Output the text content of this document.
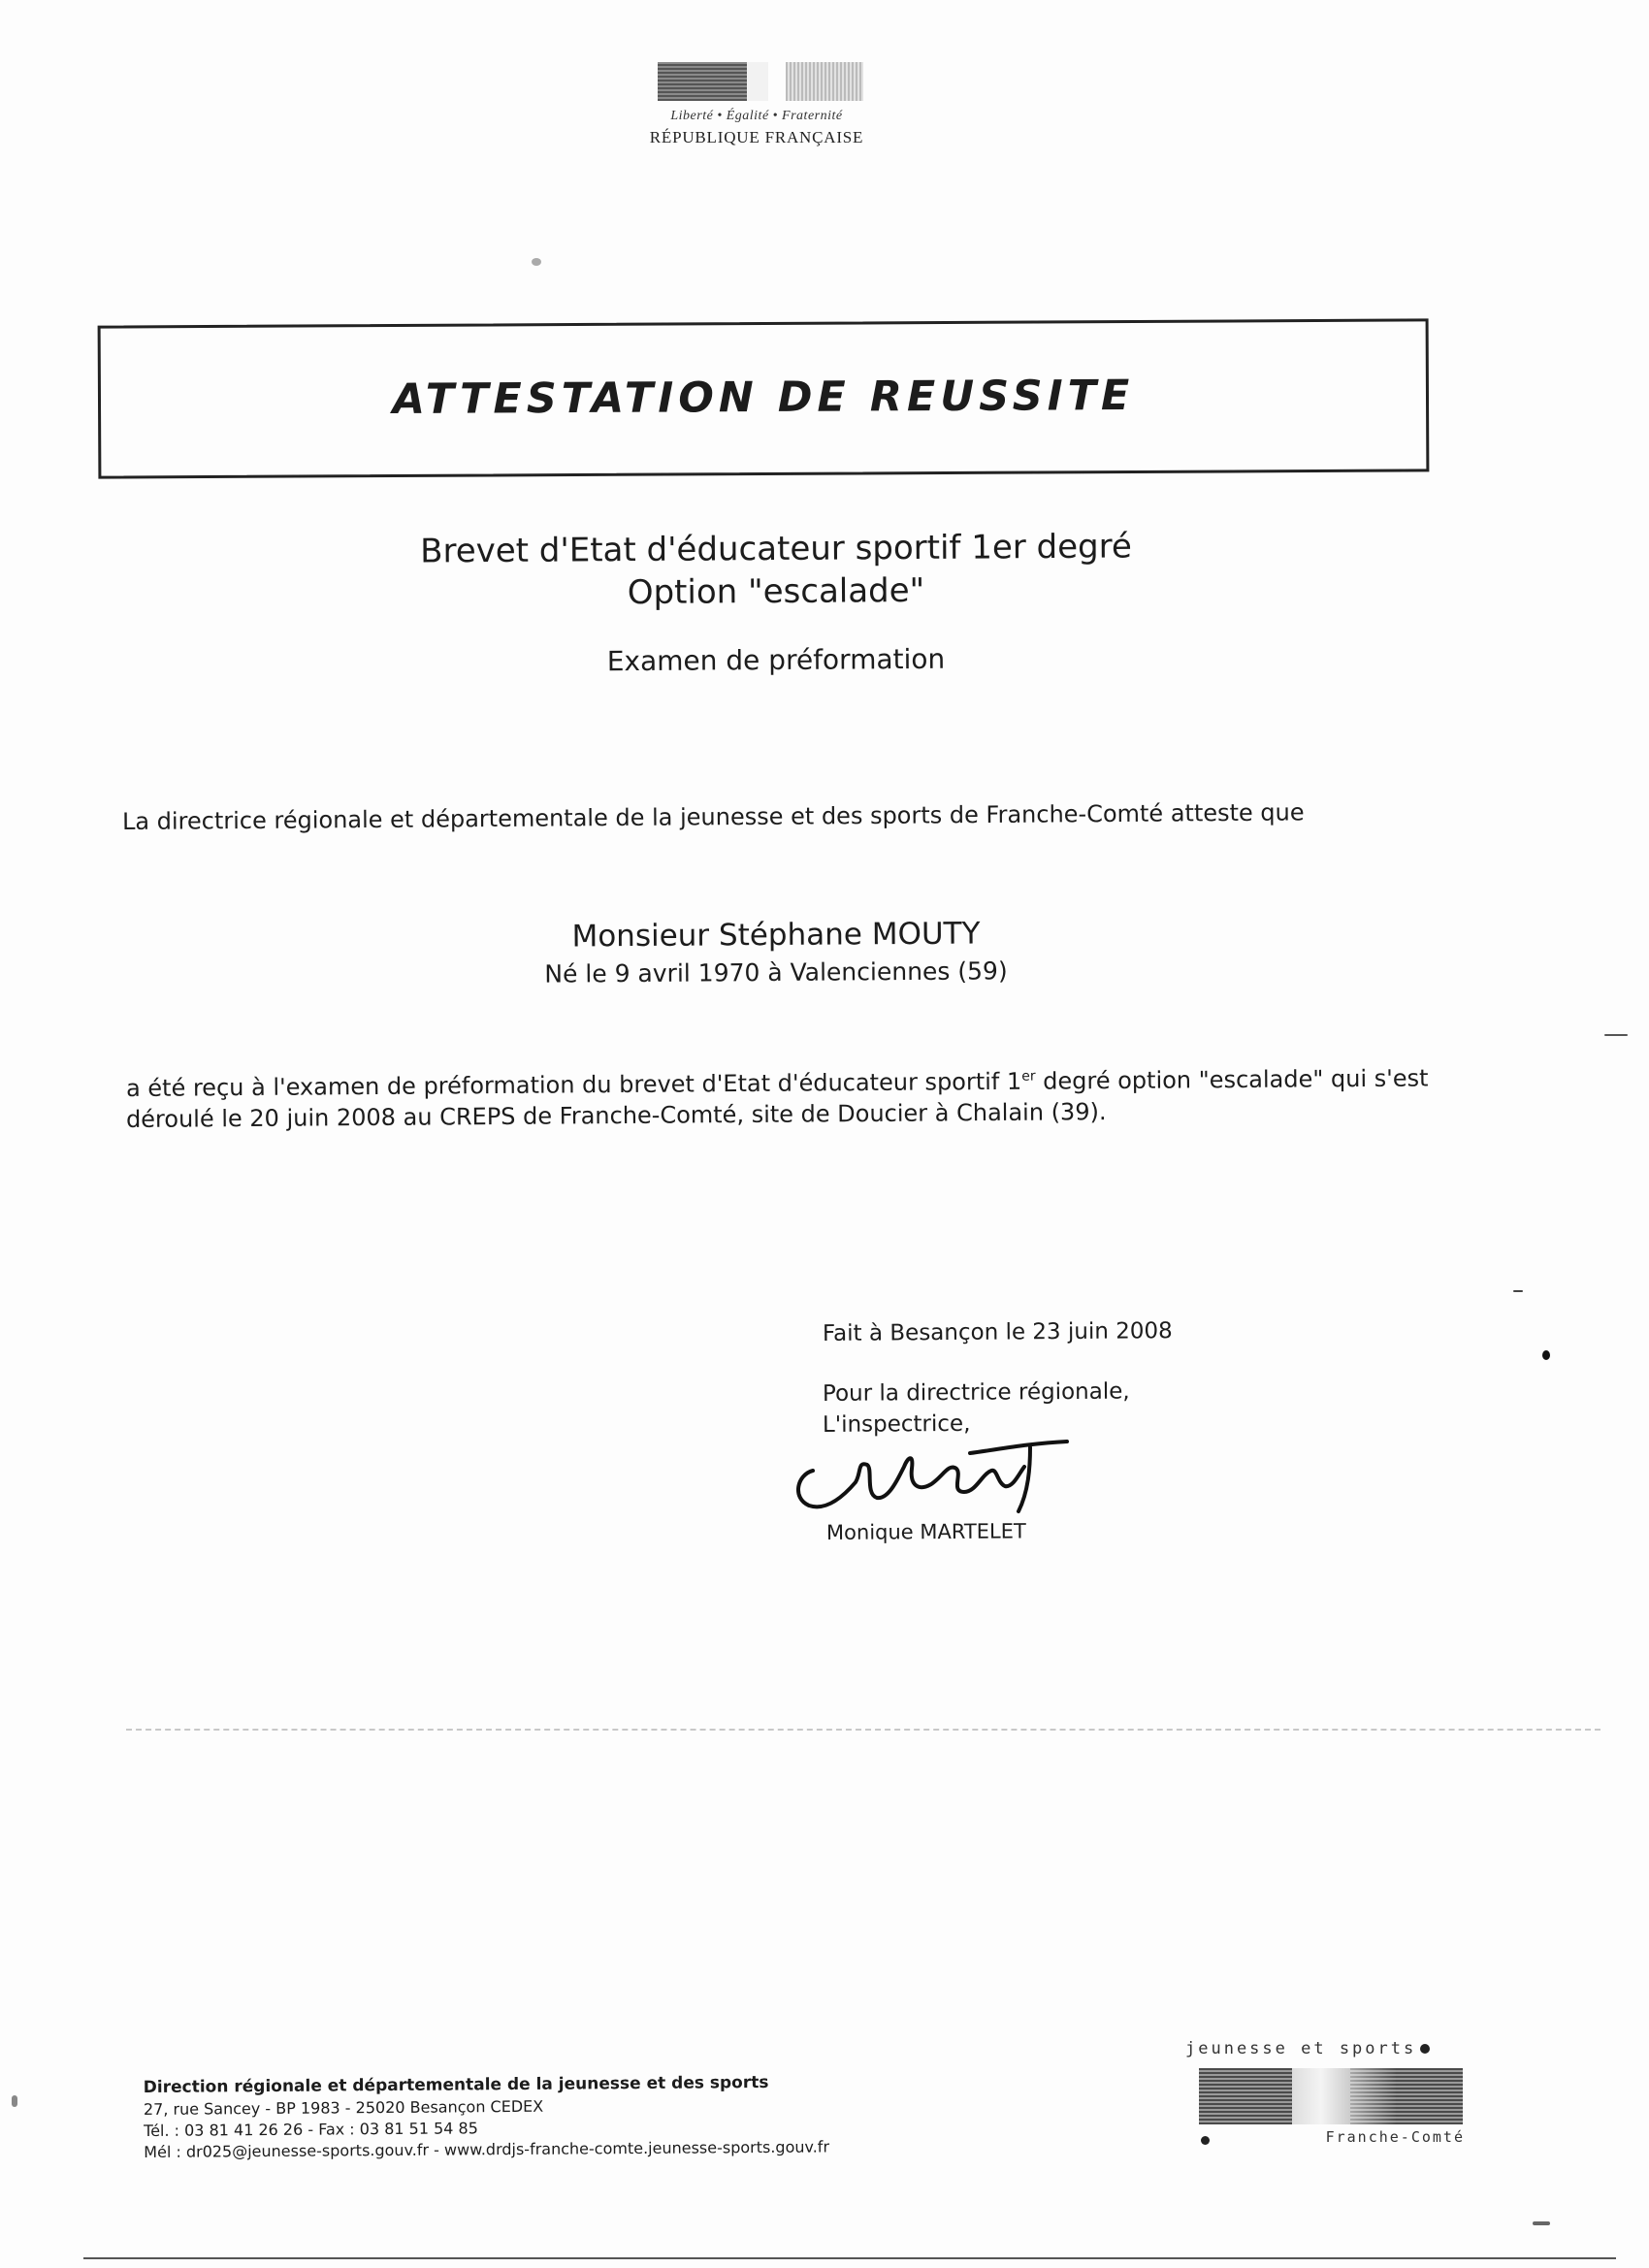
Liberté • Égalité • Fraternité
RÉPUBLIQUE FRANÇAISE
ATTESTATION DE REUSSITE
Brevet d'Etat d'éducateur sportif 1er degré
Option "escalade"
Examen de préformation
La directrice régionale et départementale de la jeunesse et des sports de Franche-Comté atteste que
Monsieur Stéphane MOUTY
Né le 9 avril 1970 à Valenciennes (59)
a été reçu à l'examen de préformation du brevet d'Etat d'éducateur sportif 1er degré option "escalade" qui s'est
déroulé le 20 juin 2008 au CREPS de Franche-Comté, site de Doucier à Chalain (39).
Fait à Besançon le 23 juin 2008
Pour la directrice régionale,
L'inspectrice,
Monique MARTELET
Direction régionale et départementale de la jeunesse et des sports
27, rue Sancey - BP 1983 - 25020 Besançon CEDEX
Tél. : 03 81 41 26 26 - Fax : 03 81 51 54 85
Mél : dr025@jeunesse-sports.gouv.fr - www.drdjs-franche-comte.jeunesse-sports.gouv.fr
jeunesse et sports
Franche-Comté
